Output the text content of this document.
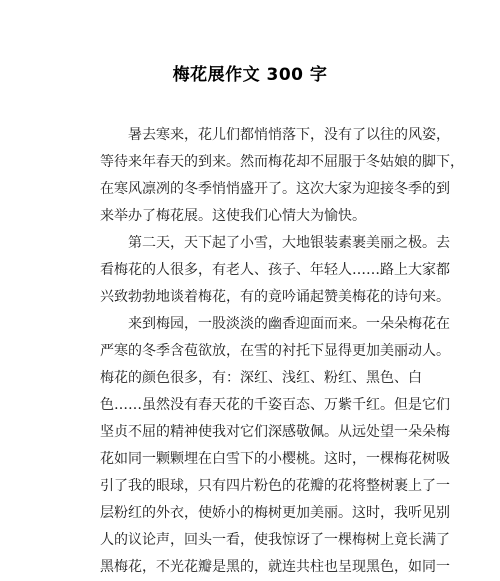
梅花展作文 300 字
暑去寒来，花儿们都悄悄落下，没有了以往的风姿，
等待来年春天的到来。然而梅花却不屈服于冬姑娘的脚下，
在寒风凛冽的冬季悄悄盛开了。这次大家为迎接冬季的到
来举办了梅花展。这使我们心情大为愉快。
第二天，天下起了小雪，大地银装素裹美丽之极。去
看梅花的人很多，有老人、孩子、年轻人……路上大家都
兴致勃勃地谈着梅花，有的竟吟诵起赞美梅花的诗句来。
来到梅园，一股淡淡的幽香迎面而来。一朵朵梅花在
严寒的冬季含苞欲放，在雪的衬托下显得更加美丽动人。
梅花的颜色很多，有：深红、浅红、粉红、黑色、白
色……虽然没有春天花的千姿百态、万紫千红。但是它们
坚贞不屈的精神使我对它们深感敬佩。从远处望一朵朵梅
花如同一颗颗埋在白雪下的小樱桃。这时，一棵梅花树吸
引了我的眼球，只有四片粉色的花瓣的花将整树裹上了一
层粉红的外衣，使娇小的梅树更加美丽。这时，我听见别
人的议论声，回头一看，使我惊讶了一棵梅树上竟长满了
黑梅花，不光花瓣是黑的，就连共柱也呈现黑色，如同一
